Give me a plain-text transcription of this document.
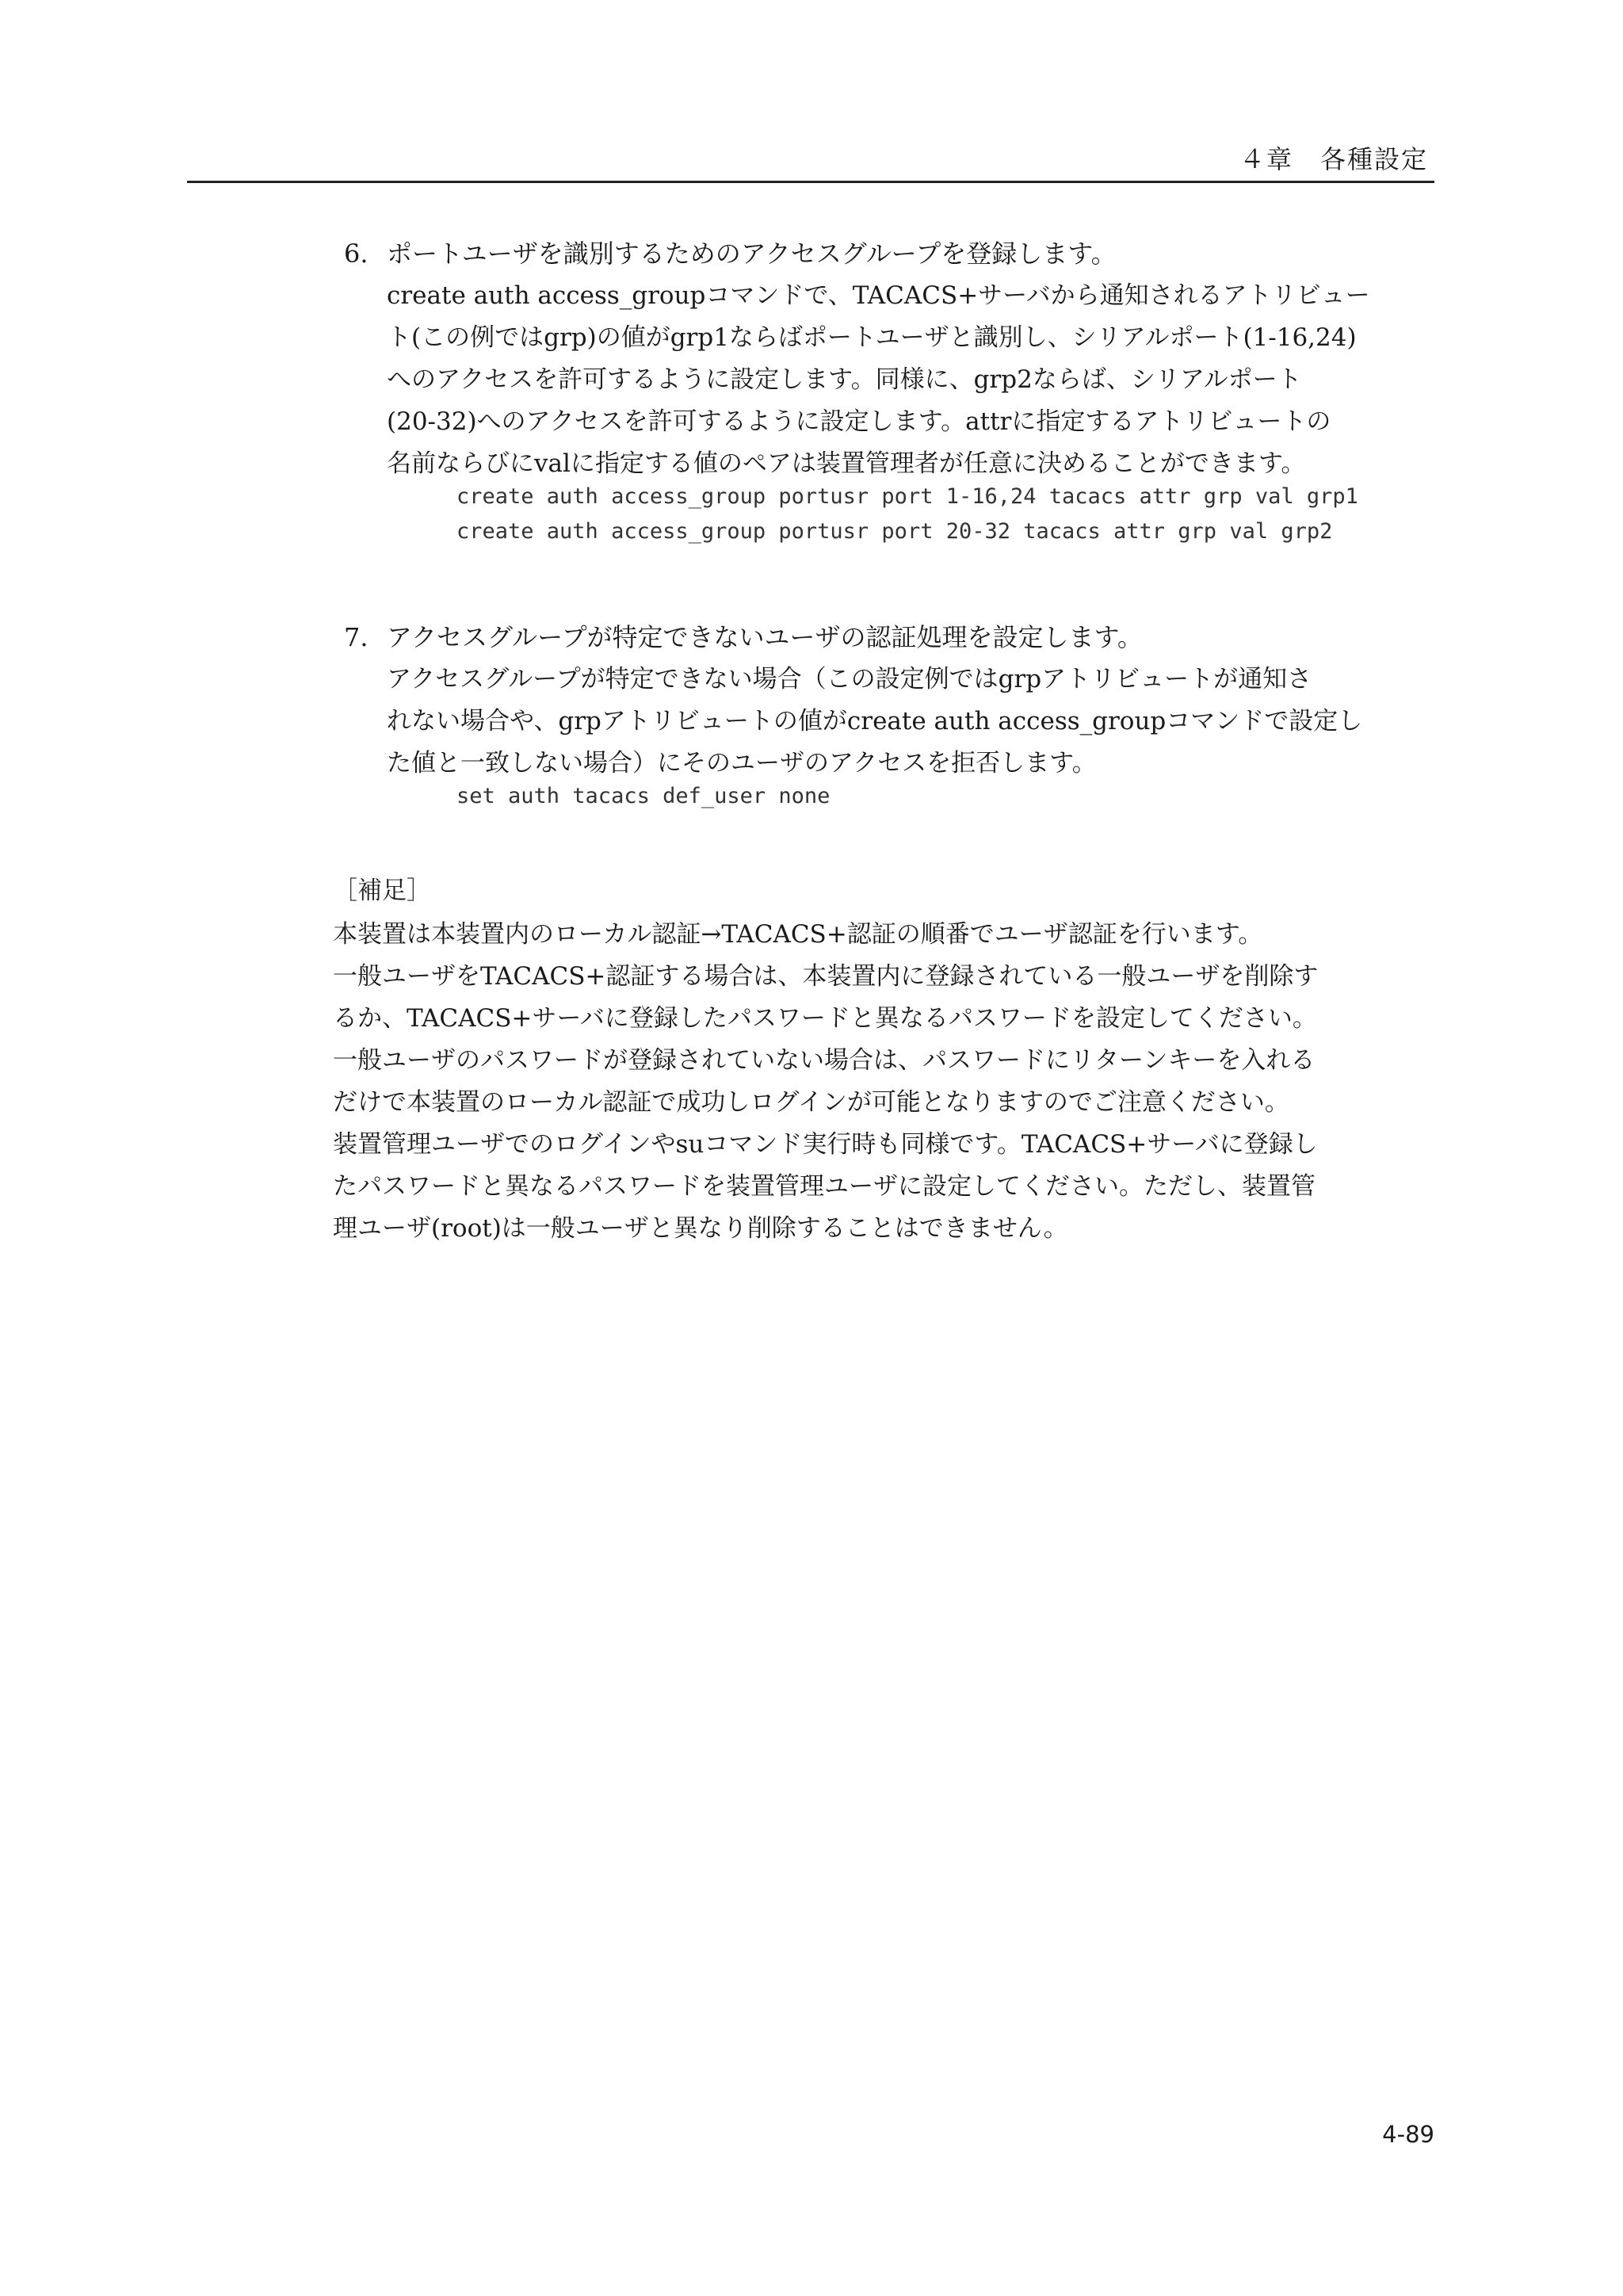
４章　各種設定
6. ポートユーザを識別するためのアクセスグループを登録します。
create auth access_groupコマンドで、TACACS+サーバから通知されるアトリビュー
ト(この例ではgrp)の値がgrp1ならばポートユーザと識別し、シリアルポート(1-16,24)
へのアクセスを許可するように設定します。同様に、grp2ならば、シリアルポート
(20-32)へのアクセスを許可するように設定します。attrに指定するアトリビュートの
名前ならびにvalに指定する値のペアは装置管理者が任意に決めることができます。
create auth access_group portusr port 1-16,24 tacacs attr grp val grp1
create auth access_group portusr port 20-32 tacacs attr grp val grp2
7. アクセスグループが特定できないユーザの認証処理を設定します。
アクセスグループが特定できない場合（この設定例ではgrpアトリビュートが通知さ
れない場合や、grpアトリビュートの値がcreate auth access_groupコマンドで設定し
た値と一致しない場合）にそのユーザのアクセスを拒否します。
set auth tacacs def_user none
［補足］
本装置は本装置内のローカル認証→TACACS+認証の順番でユーザ認証を行います。
一般ユーザをTACACS+認証する場合は、本装置内に登録されている一般ユーザを削除す
るか、TACACS+サーバに登録したパスワードと異なるパスワードを設定してください。
一般ユーザのパスワードが登録されていない場合は、パスワードにリターンキーを入れる
だけで本装置のローカル認証で成功しログインが可能となりますのでご注意ください。
装置管理ユーザでのログインやsuコマンド実行時も同様です。TACACS+サーバに登録し
たパスワードと異なるパスワードを装置管理ユーザに設定してください。ただし、装置管
理ユーザ(root)は一般ユーザと異なり削除することはできません。
4-89
